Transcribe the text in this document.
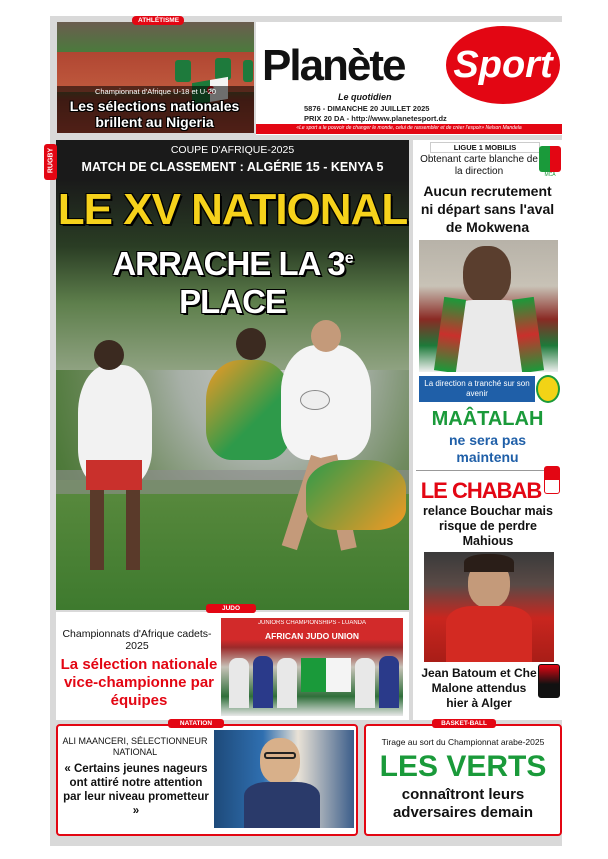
ATHLÉTISME
Championnat d'Afrique U-18 et U-20
Les sélections nationales brillent au Nigeria
Planète Sport
Le quotidien
5876 - DIMANCHE 20 JUILLET 2025
PRIX 20 DA - http://www.planetesport.dz
«Le sport a le pouvoir de changer le monde, celui de rassembler et de créer l'espoir» Nelson Mandela
COUPE D'AFRIQUE-2025
MATCH DE CLASSEMENT : ALGÉRIE 15 - KENYA 5
RUGBY
LE XV NATIONAL
ARRACHE LA 3e PLACE
LIGUE 1 MOBILIS
MCA
Obtenant carte blanche de la direction
Aucun recrutement ni départ sans l'aval de Mokwena
La direction a tranché sur son avenir
MAÂTALAH
ne sera pas maintenu
LE CHABAB
relance Bouchar mais risque de perdre Mahious
Jean Batoum et Che Malone attendus hier à Alger
JUDO
Championnats d'Afrique cadets-2025
La sélection nationale vice-championne par équipes
JUNIORS CHAMPIONSHIPS - LUANDA
AFRICAN JUDO UNION
NATATION
ALI MAANCERI, SÉLECTIONNEUR NATIONAL
« Certains jeunes nageurs ont attiré notre attention par leur niveau prometteur »
BASKET-BALL
Tirage au sort du Championnat arabe-2025
LES VERTS
connaîtront leurs adversaires demain
